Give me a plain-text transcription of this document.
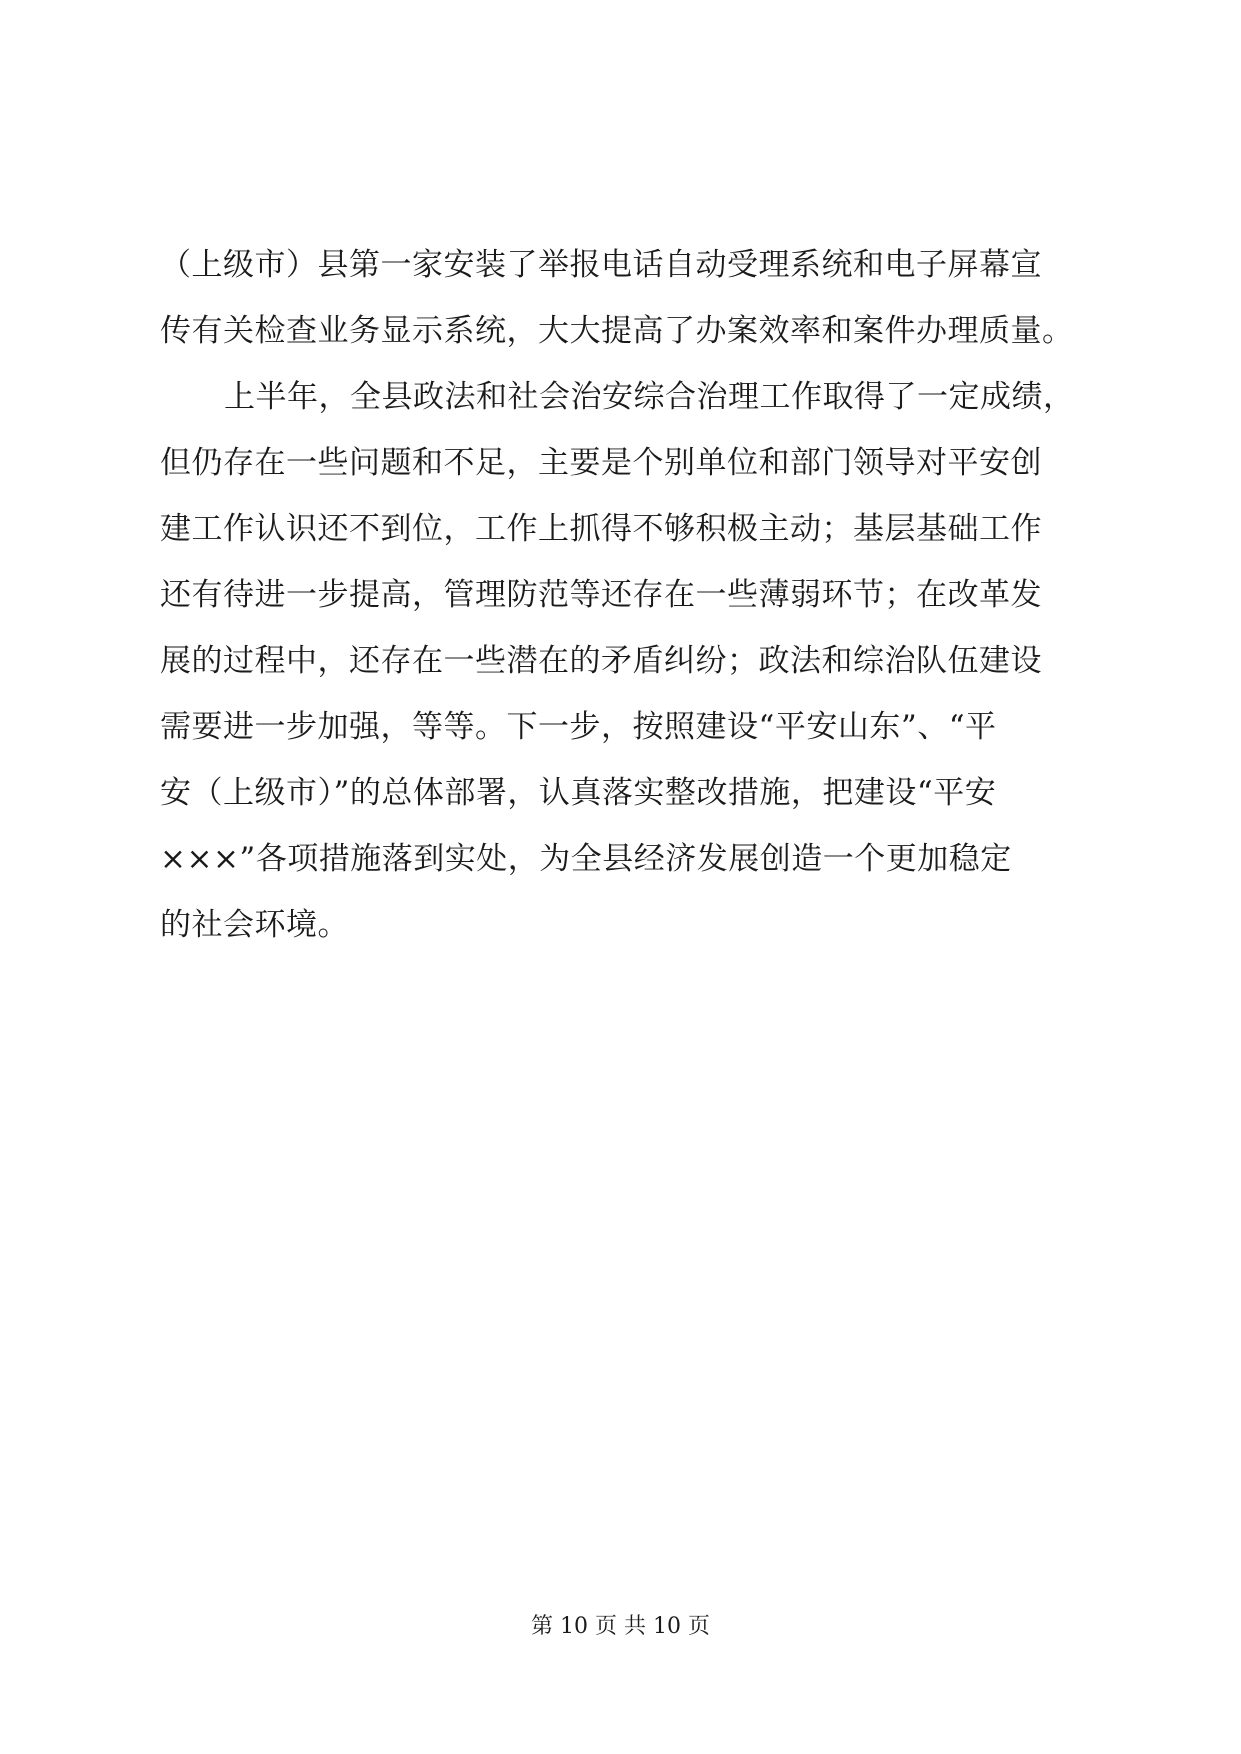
（上级市）县第一家安装了举报电话自动受理系统和电子屏幕宣
传有关检查业务显示系统，大大提高了办案效率和案件办理质量。
上半年，全县政法和社会治安综合治理工作取得了一定成绩，
但仍存在一些问题和不足，主要是个别单位和部门领导对平安创
建工作认识还不到位，工作上抓得不够积极主动；基层基础工作
还有待进一步提高，管理防范等还存在一些薄弱环节；在改革发
展的过程中，还存在一些潜在的矛盾纠纷；政法和综治队伍建设
需要进一步加强，等等。下一步，按照建设“平安山东”、“平
安（上级市）”的总体部署，认真落实整改措施，把建设“平安
×××”各项措施落到实处，为全县经济发展创造一个更加稳定
的社会环境。
第 10 页 共 10 页
